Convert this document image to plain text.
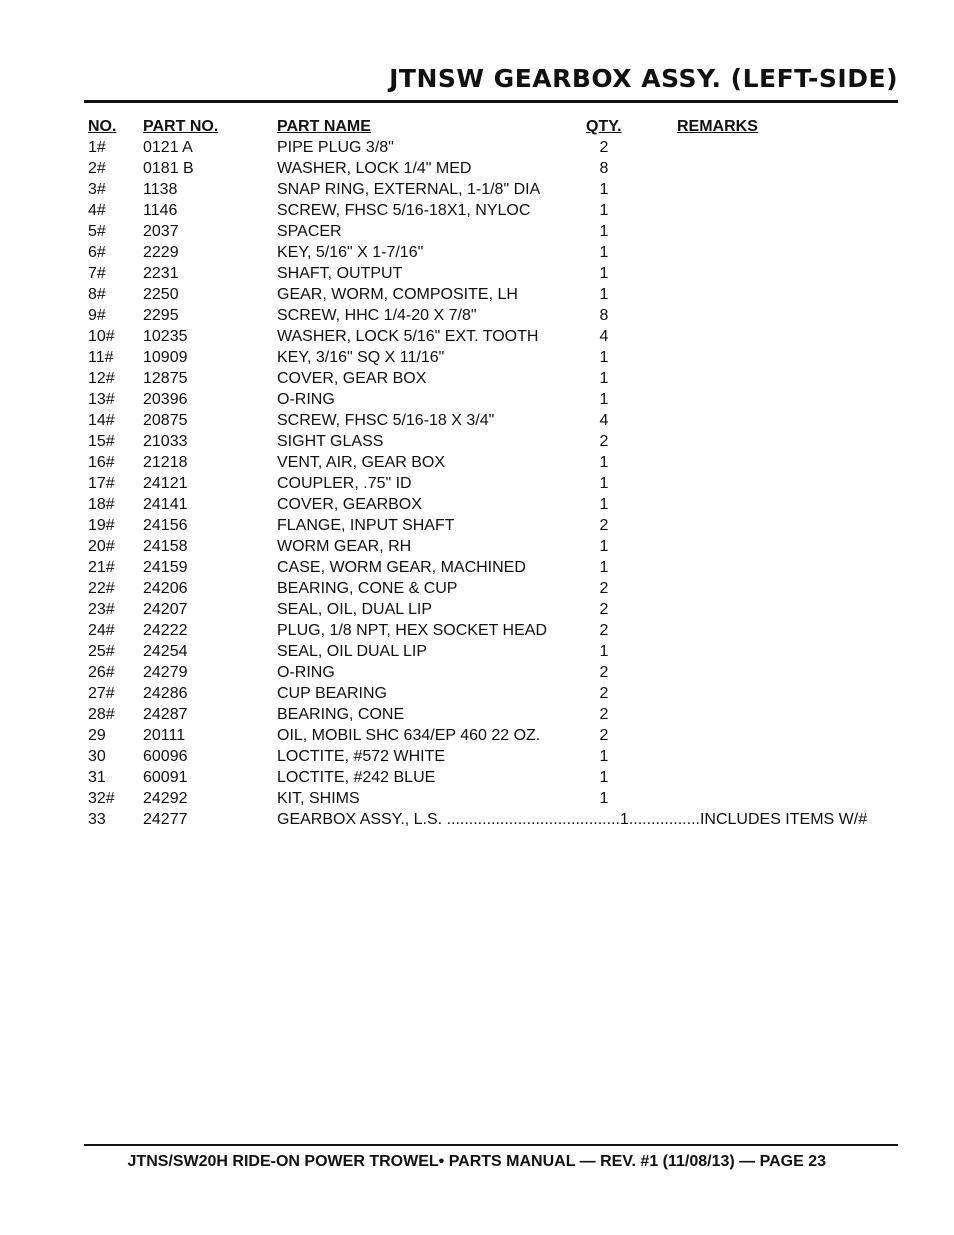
JTNSW GEARBOX ASSY. (LEFT-SIDE)
NO. PART NO.	PART NAME	QTY.	REMARKS
1# 0121 A	PIPE PLUG 3/8"	2
2# 0181 B	WASHER, LOCK 1/4" MED	8
3# 1138	SNAP RING, EXTERNAL, 1-1/8" DIA	1
4# 1146	SCREW, FHSC 5/16-18X1, NYLOC	1
5# 2037	SPACER	1
6# 2229	KEY, 5/16" X 1-7/16"	1
7# 2231	SHAFT, OUTPUT	1
8# 2250	GEAR, WORM, COMPOSITE, LH	1
9# 2295	SCREW, HHC 1/4-20 X 7/8"	8
10# 10235	WASHER, LOCK 5/16" EXT. TOOTH	4
11# 10909	KEY, 3/16" SQ X 11/16"	1
12# 12875	COVER, GEAR BOX	1
13# 20396	O-RING	1
14# 20875	SCREW, FHSC 5/16-18 X 3/4"	4
15# 21033	SIGHT GLASS	2
16# 21218	VENT, AIR, GEAR BOX	1
17# 24121	COUPLER, .75" ID	1
18# 24141	COVER, GEARBOX	1
19# 24156	FLANGE, INPUT SHAFT	2
20# 24158	WORM GEAR, RH	1
21# 24159	CASE, WORM GEAR, MACHINED	1
22# 24206	BEARING, CONE & CUP	2
23# 24207	SEAL, OIL, DUAL LIP	2
24# 24222	PLUG, 1/8 NPT, HEX SOCKET HEAD	2
25# 24254	SEAL, OIL DUAL LIP	1
26# 24279	O-RING	2
27# 24286	CUP BEARING	2
28# 24287	BEARING, CONE	2
29 20111	OIL, MOBIL SHC 634/EP 460 22 OZ.	2
30 60096	LOCTITE, #572 WHITE	1
31 60091	LOCTITE, #242 BLUE	1
32# 24292	KIT, SHIMS	1
33 24277	GEARBOX ASSY., L.S. .......................................1................INCLUDES ITEMS W/#
JTNS/SW20H RIDE-ON POWER TROWEL• PARTS MANUAL — REV. #1 (11/08/13) — PAGE 23
